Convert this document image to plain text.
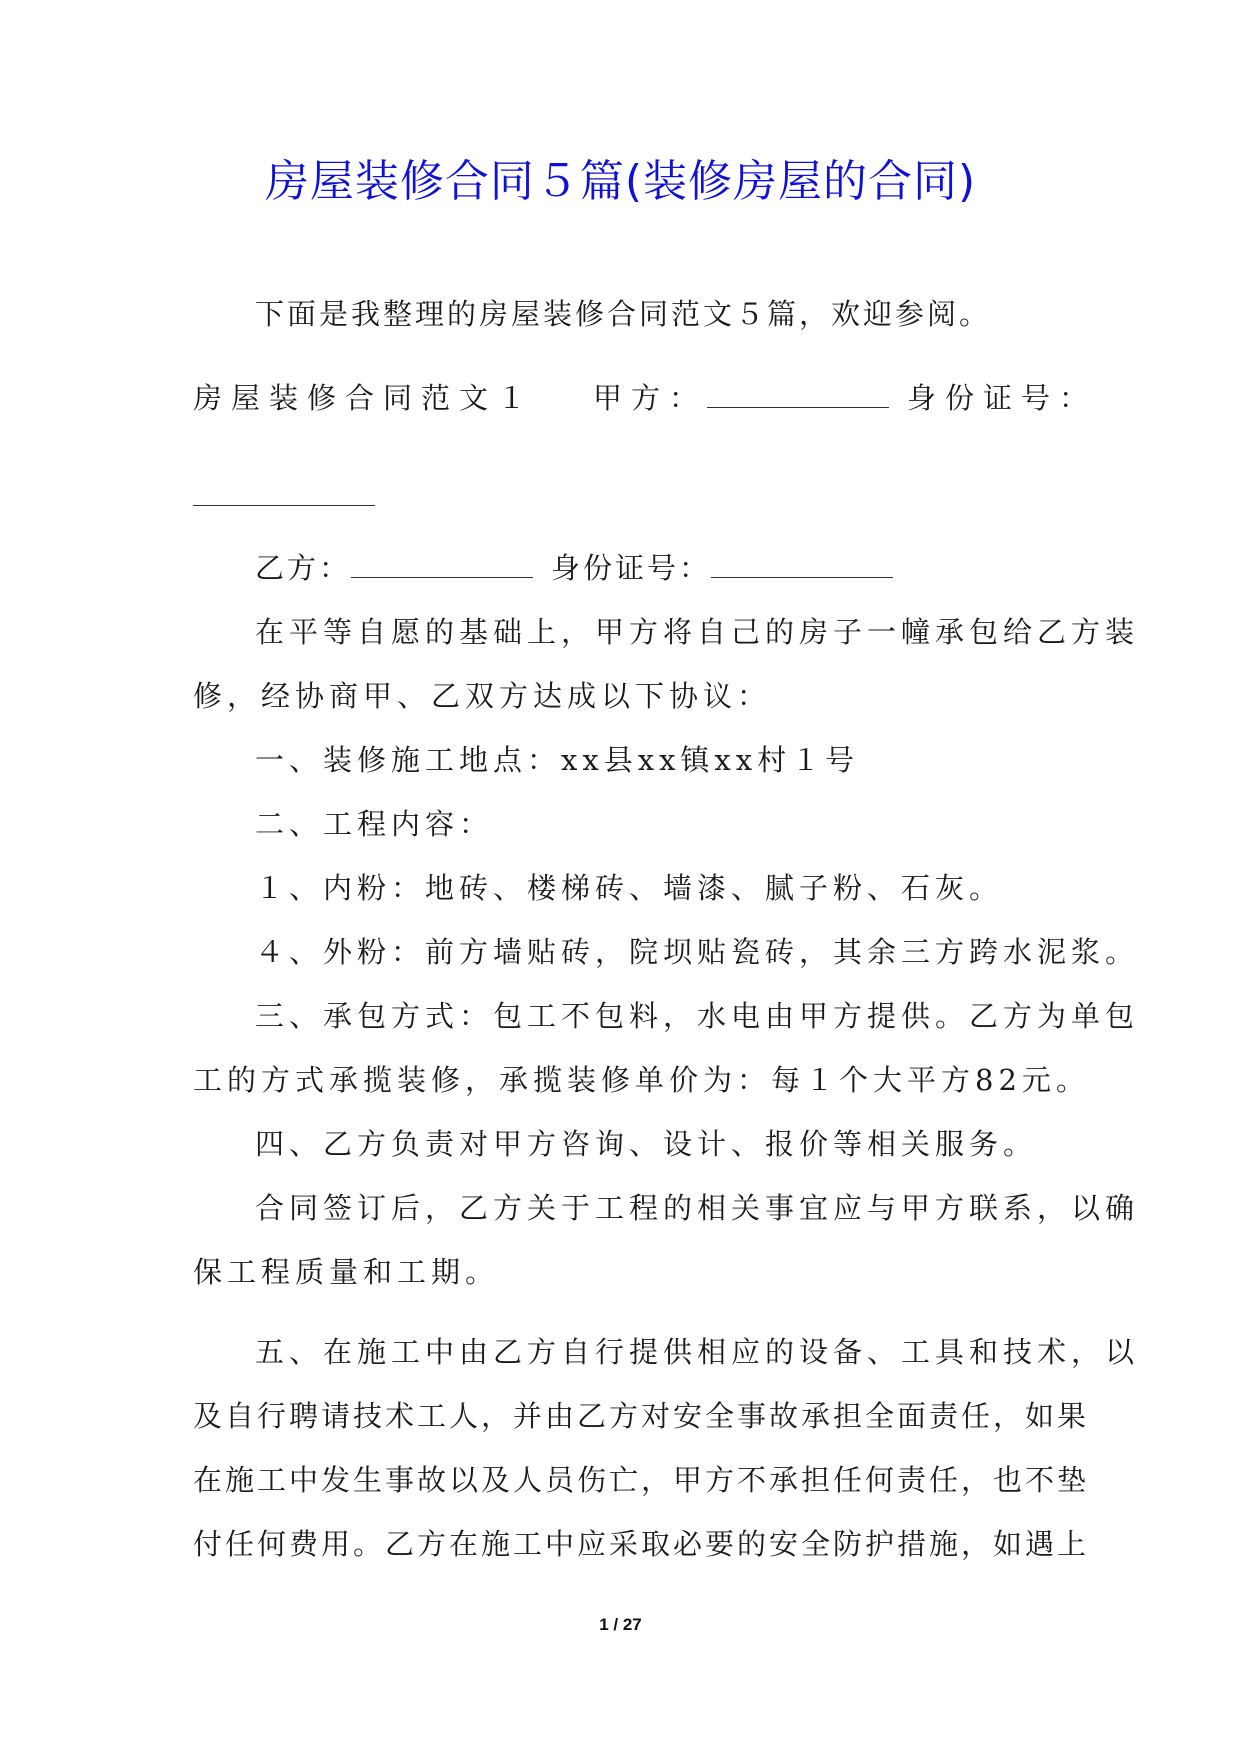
房屋装修合同５篇(装修房屋的合同)
下面是我整理的房屋装修合同范文５篇，欢迎参阅。
房屋装修合同范文１ 甲方：	身份证号：
乙方：	身份证号：
在平等自愿的基础上，甲方将自己的房子一幢承包给乙方装
修，经协商甲、乙双方达成以下协议：
一、装修施工地点：xx县xx镇xx村１号
二、工程内容：
１、内粉：地砖、楼梯砖、墙漆、腻子粉、石灰。
４、外粉：前方墙贴砖，院坝贴瓷砖，其余三方跨水泥浆。
三、承包方式：包工不包料，水电由甲方提供。乙方为单包
工的方式承揽装修，承揽装修单价为：每１个大平方82元。
四、乙方负责对甲方咨询、设计、报价等相关服务。
合同签订后，乙方关于工程的相关事宜应与甲方联系，以确
保工程质量和工期。
五、在施工中由乙方自行提供相应的设备、工具和技术，以
及自行聘请技术工人，并由乙方对安全事故承担全面责任，如果
在施工中发生事故以及人员伤亡，甲方不承担任何责任，也不垫
付任何费用。乙方在施工中应采取必要的安全防护措施，如遇上
1 / 27
